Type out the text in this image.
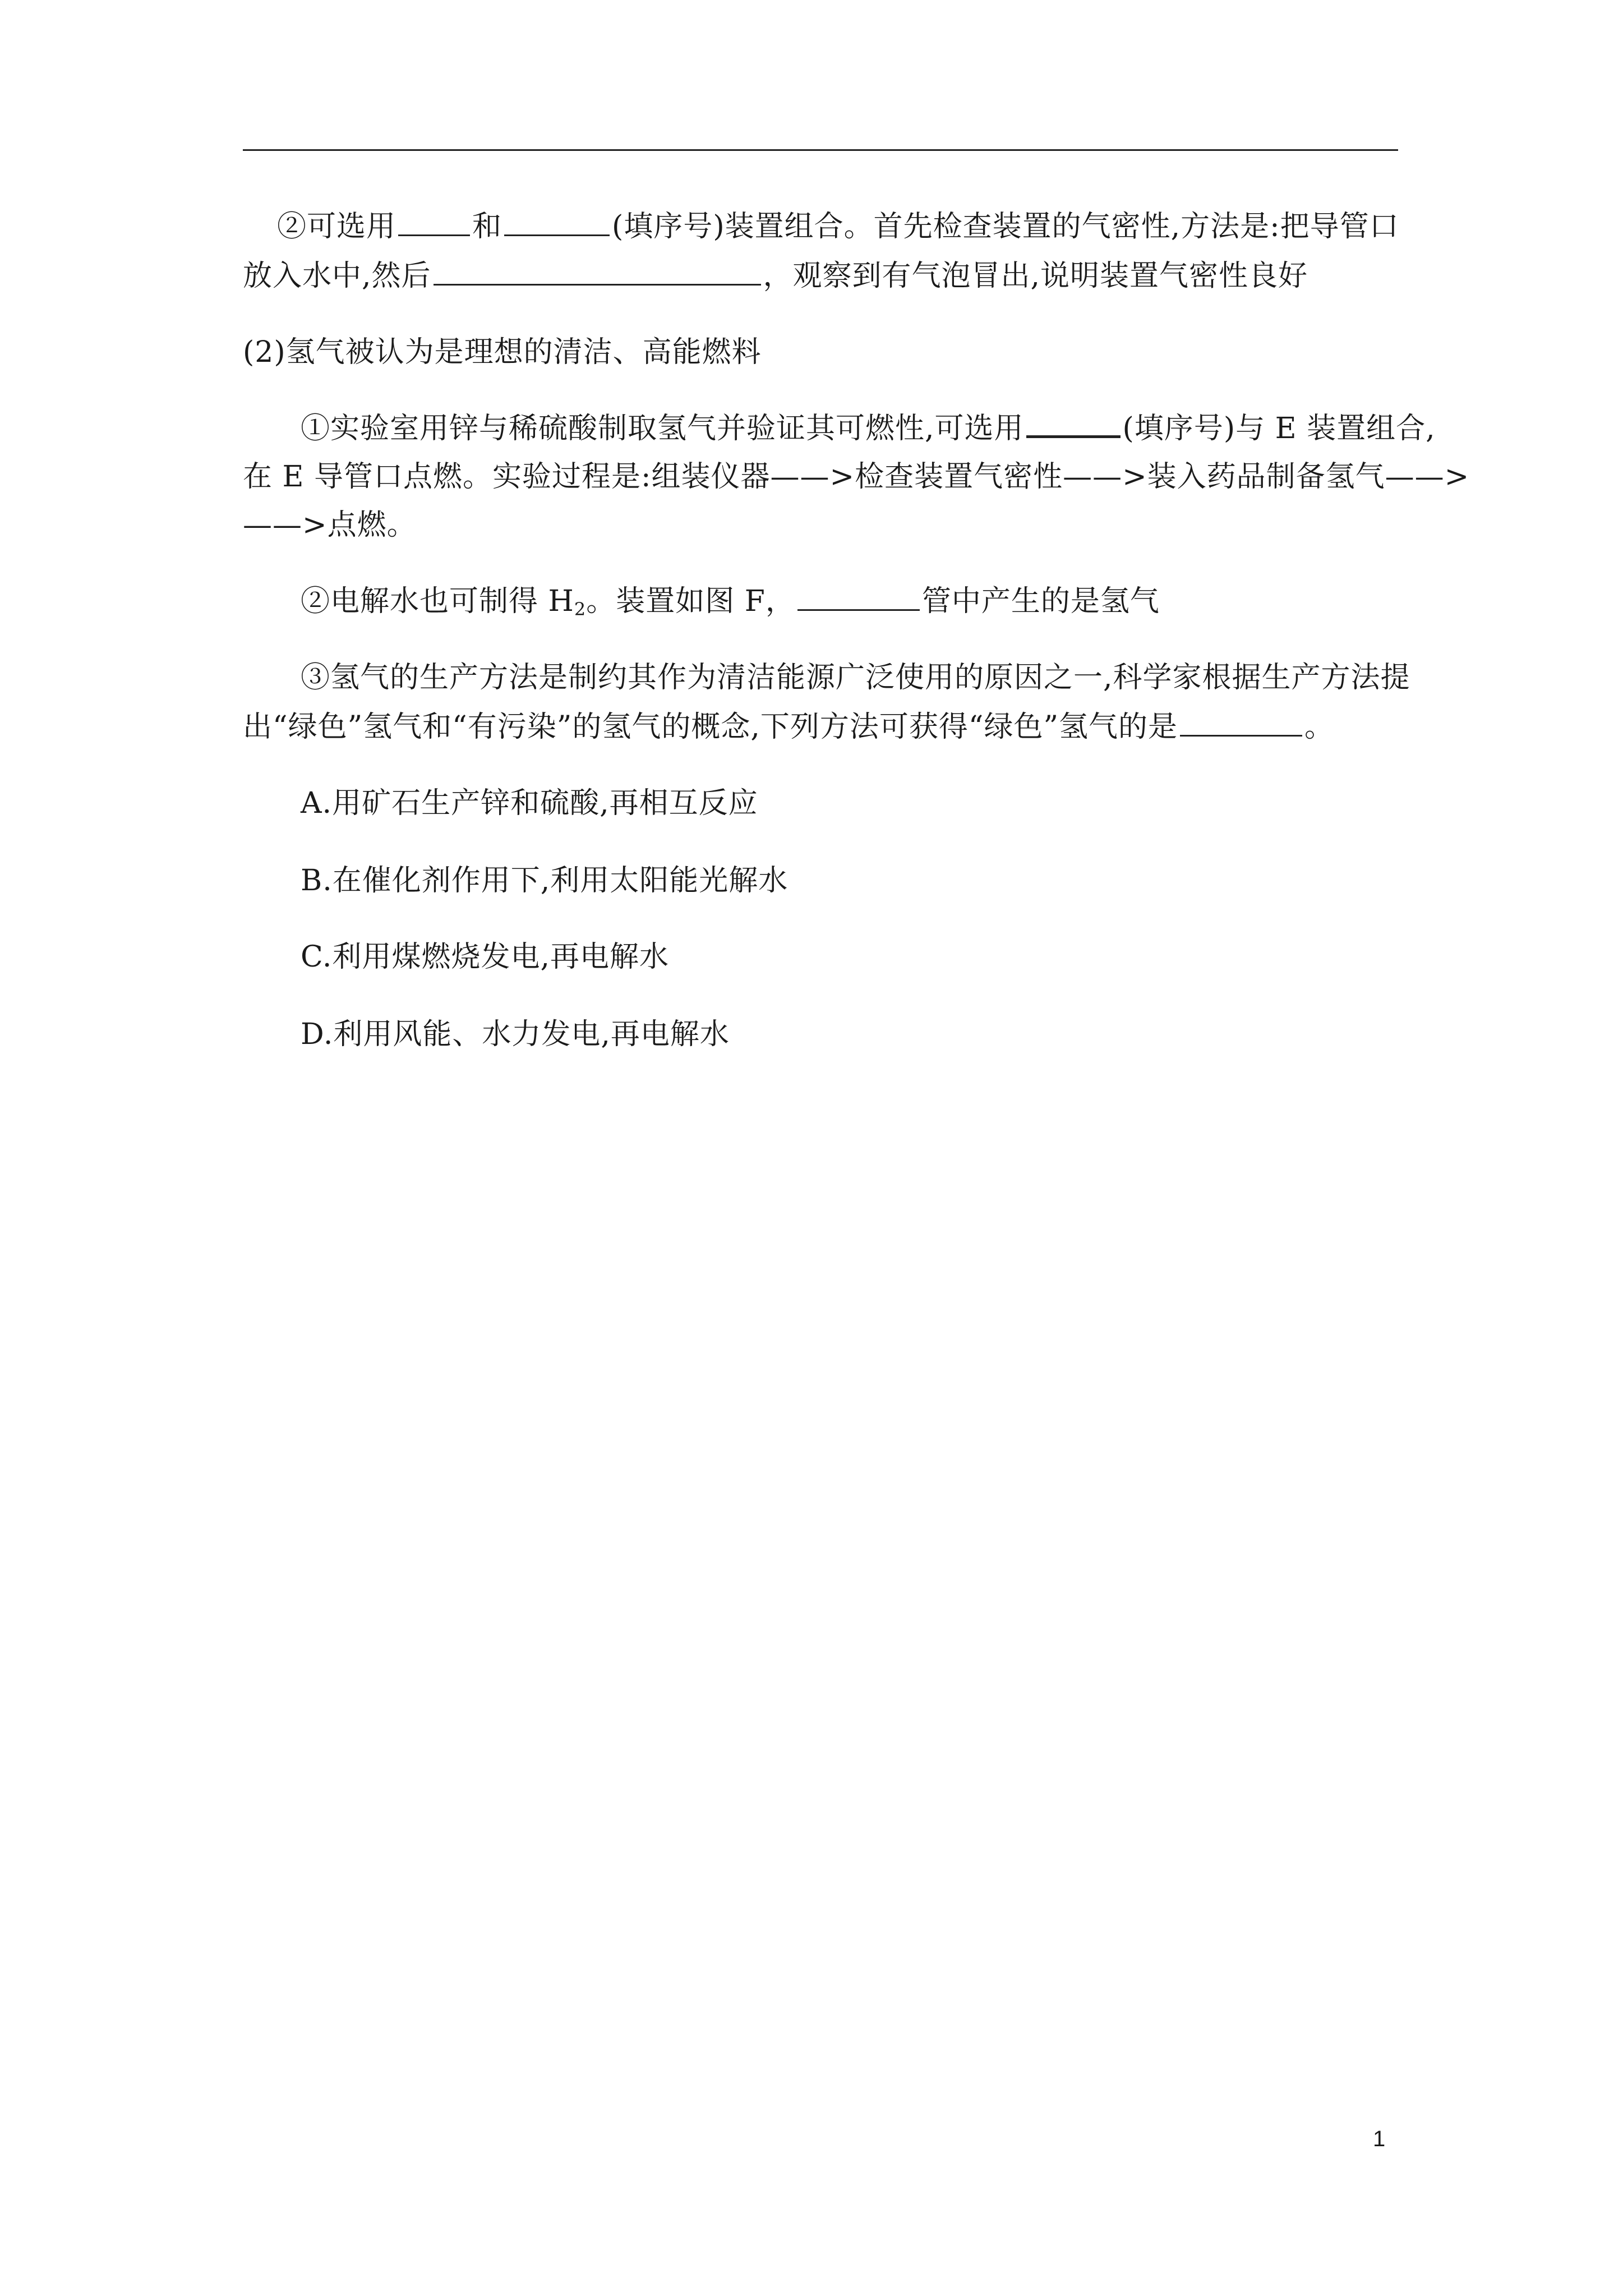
②可选用	和	(填序号)装置组合。首先检查装置的气密性,方法是:把导管口
放入水中,然后	，观察到有气泡冒出,说明装置气密性良好
(2)氢气被认为是理想的清洁、高能燃料
①实验室用锌与稀硫酸制取氢气并验证其可燃性,可选用	(填序号)与 E 装置组合,
在 E 导管口点燃。实验过程是:组装仪器——>检查装置气密性——>装入药品制备氢气——>
——>点燃。
②电解水也可制得 $H_2$。装置如图 F，	管中产生的是氢气
③氢气的生产方法是制约其作为清洁能源广泛使用的原因之一,科学家根据生产方法提
出“绿色”氢气和“有污染”的氢气的概念,下列方法可获得“绿色”氢气的是	。
A.用矿石生产锌和硫酸,再相互反应
B.在催化剂作用下,利用太阳能光解水
C.利用煤燃烧发电,再电解水
D.利用风能、水力发电,再电解水
1
